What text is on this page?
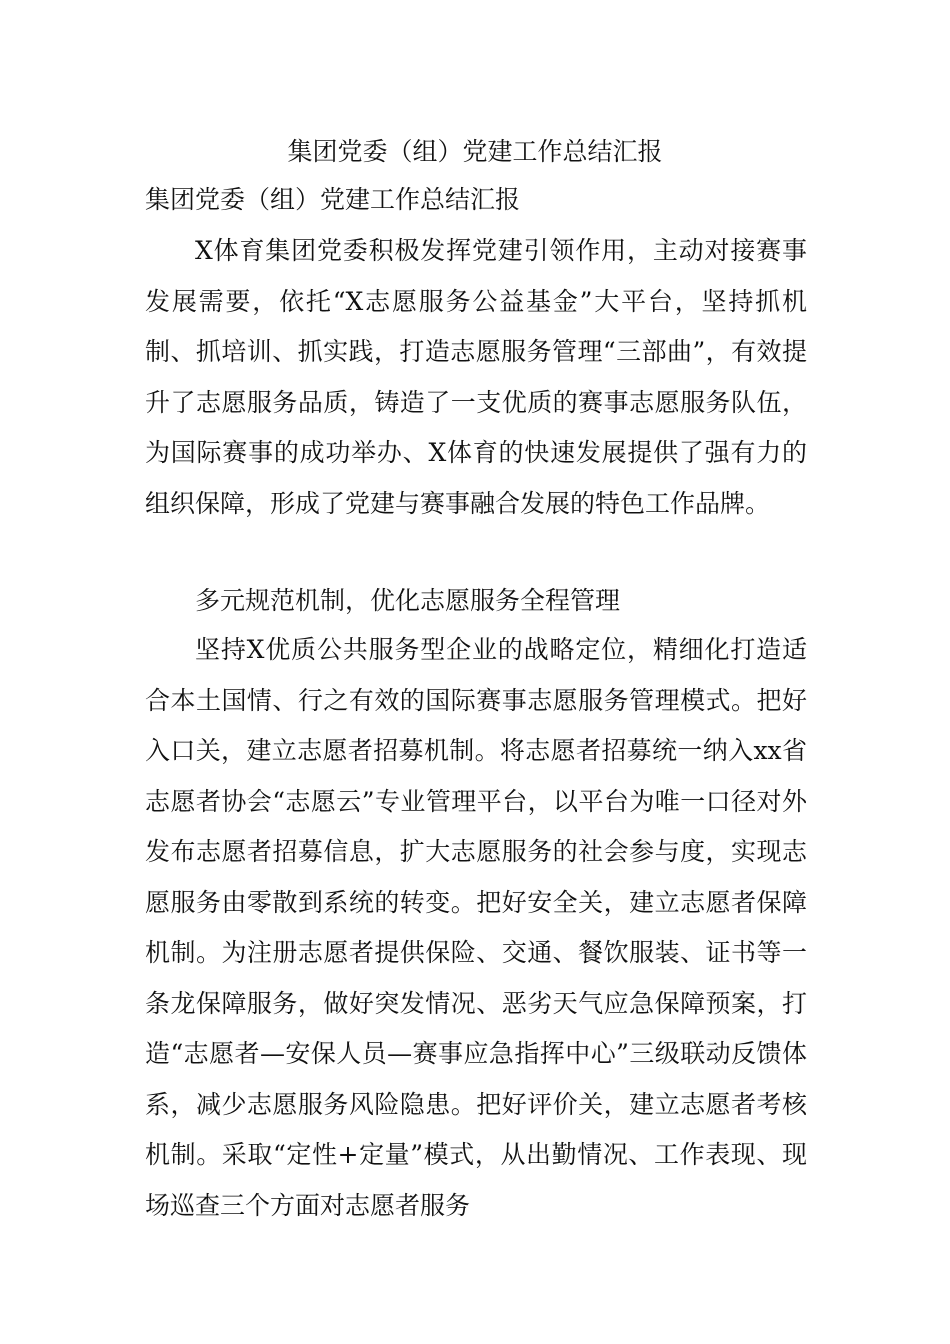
集团党委（组）党建工作总结汇报
集团党委（组）党建工作总结汇报

X体育集团党委积极发挥党建引领作用，主动对接赛事发展需要，依托“X志愿服务公益基金”大平台，坚持抓机制、抓培训、抓实践，打造志愿服务管理“三部曲”，有效提升了志愿服务品质，铸造了一支优质的赛事志愿服务队伍，为国际赛事的成功举办、X体育的快速发展提供了强有力的组织保障，形成了党建与赛事融合发展的特色工作品牌。

多元规范机制，优化志愿服务全程管理

坚持X优质公共服务型企业的战略定位，精细化打造适合本土国情、行之有效的国际赛事志愿服务管理模式。把好入口关，建立志愿者招募机制。将志愿者招募统一纳入xx省志愿者协会“志愿云”专业管理平台，以平台为唯一口径对外发布志愿者招募信息，扩大志愿服务的社会参与度，实现志愿服务由零散到系统的转变。把好安全关，建立志愿者保障机制。为注册志愿者提供保险、交通、餐饮服装、证书等一条龙保障服务，做好突发情况、恶劣天气应急保障预案，打造“志愿者—安保人员—赛事应急指挥中心”三级联动反馈体系，减少志愿服务风险隐患。把好评价关，建立志愿者考核机制。采取“定性+定量”模式，从出勤情况、工作表现、现场巡查三个方面对志愿者服务
